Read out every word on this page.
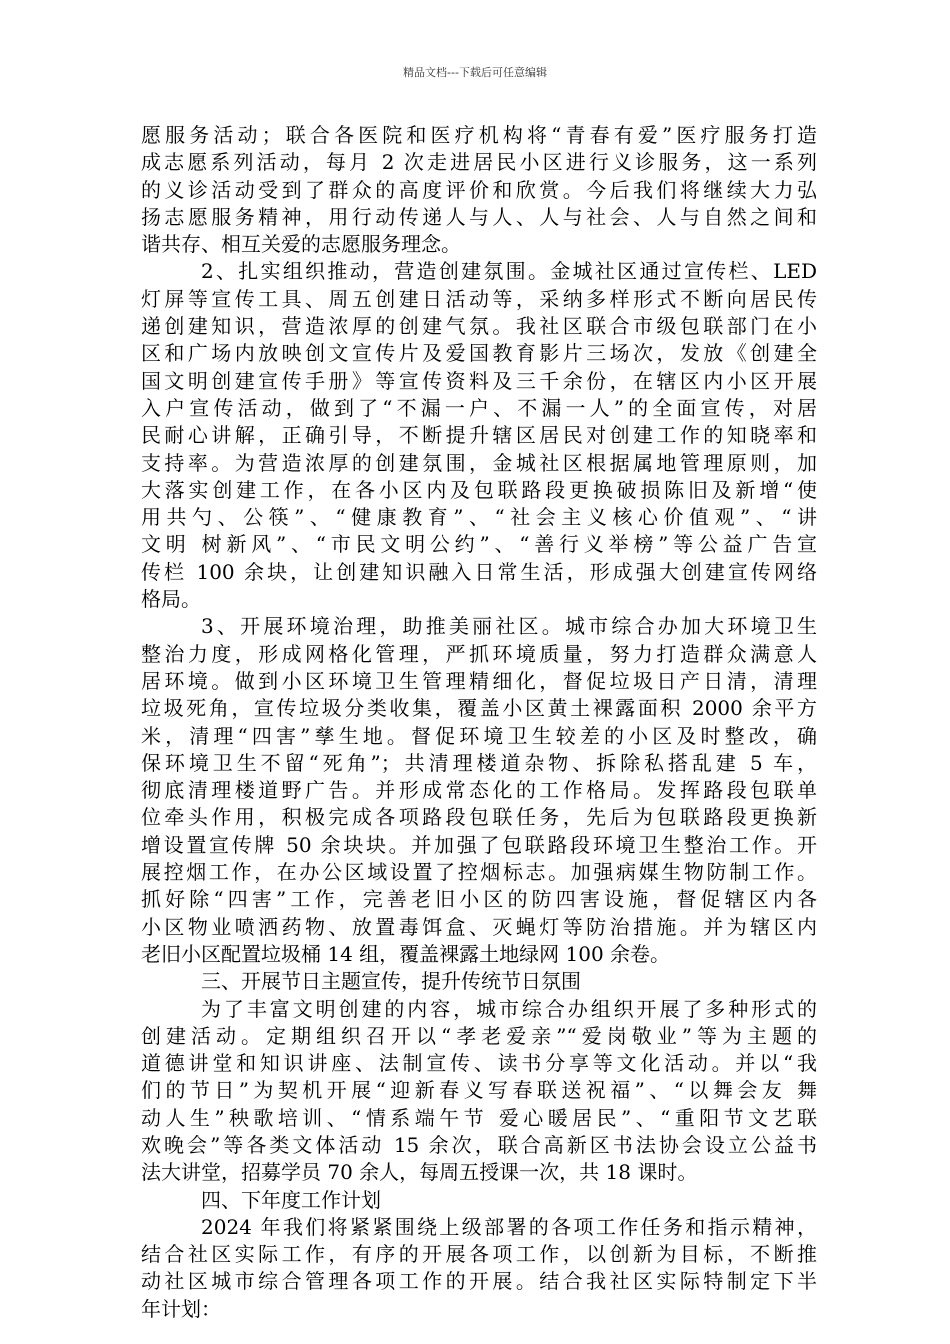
精品文档---下载后可任意编辑
愿服务活动；联合各医院和医疗机构将“青春有爱”医疗服务打造
成志愿系列活动，每月 2 次走进居民小区进行义诊服务，这一系列
的义诊活动受到了群众的高度评价和欣赏。今后我们将继续大力弘
扬志愿服务精神，用行动传递人与人、人与社会、人与自然之间和
谐共存、相互关爱的志愿服务理念。
2、扎实组织推动，营造创建氛围。金城社区通过宣传栏、LED
灯屏等宣传工具、周五创建日活动等，采纳多样形式不断向居民传
递创建知识，营造浓厚的创建气氛。我社区联合市级包联部门在小
区和广场内放映创文宣传片及爱国教育影片三场次，发放《创建全
国文明创建宣传手册》等宣传资料及三千余份，在辖区内小区开展
入户宣传活动，做到了“不漏一户、不漏一人”的全面宣传，对居
民耐心讲解，正确引导，不断提升辖区居民对创建工作的知晓率和
支持率。为营造浓厚的创建氛围，金城社区根据属地管理原则，加
大落实创建工作，在各小区内及包联路段更换破损陈旧及新增“使
用共勺、公筷”、“健康教育”、“社会主义核心价值观”、“讲
文明 树新风”、“市民文明公约”、“善行义举榜”等公益广告宣
传栏 100 余块，让创建知识融入日常生活，形成强大创建宣传网络
格局。
3、开展环境治理，助推美丽社区。城市综合办加大环境卫生
整治力度，形成网格化管理，严抓环境质量，努力打造群众满意人
居环境。做到小区环境卫生管理精细化，督促垃圾日产日清，清理
垃圾死角，宣传垃圾分类收集，覆盖小区黄土裸露面积 2000 余平方
米，清理“四害”孳生地。督促环境卫生较差的小区及时整改，确
保环境卫生不留“死角”；共清理楼道杂物、拆除私搭乱建 5 车，
彻底清理楼道野广告。并形成常态化的工作格局。发挥路段包联单
位牵头作用，积极完成各项路段包联任务，先后为包联路段更换新
增设置宣传牌 50 余块块。并加强了包联路段环境卫生整治工作。开
展控烟工作，在办公区域设置了控烟标志。加强病媒生物防制工作。
抓好除“四害”工作，完善老旧小区的防四害设施，督促辖区内各
小区物业喷洒药物、放置毒饵盒、灭蝇灯等防治措施。并为辖区内
老旧小区配置垃圾桶 14 组，覆盖裸露土地绿网 100 余卷。
三、开展节日主题宣传，提升传统节日氛围
为了丰富文明创建的内容，城市综合办组织开展了多种形式的
创建活动。定期组织召开以“孝老爱亲”“爱岗敬业”等为主题的
道德讲堂和知识讲座、法制宣传、读书分享等文化活动。并以“我
们的节日”为契机开展“迎新春义写春联送祝福”、“以舞会友 舞
动人生”秧歌培训、“情系端午节 爱心暖居民”、“重阳节文艺联
欢晚会”等各类文体活动 15 余次，联合高新区书法协会设立公益书
法大讲堂，招募学员 70 余人，每周五授课一次，共 18 课时。
四、下年度工作计划
2024 年我们将紧紧围绕上级部署的各项工作任务和指示精神，
结合社区实际工作，有序的开展各项工作，以创新为目标，不断推
动社区城市综合管理各项工作的开展。结合我社区实际特制定下半
年计划：
